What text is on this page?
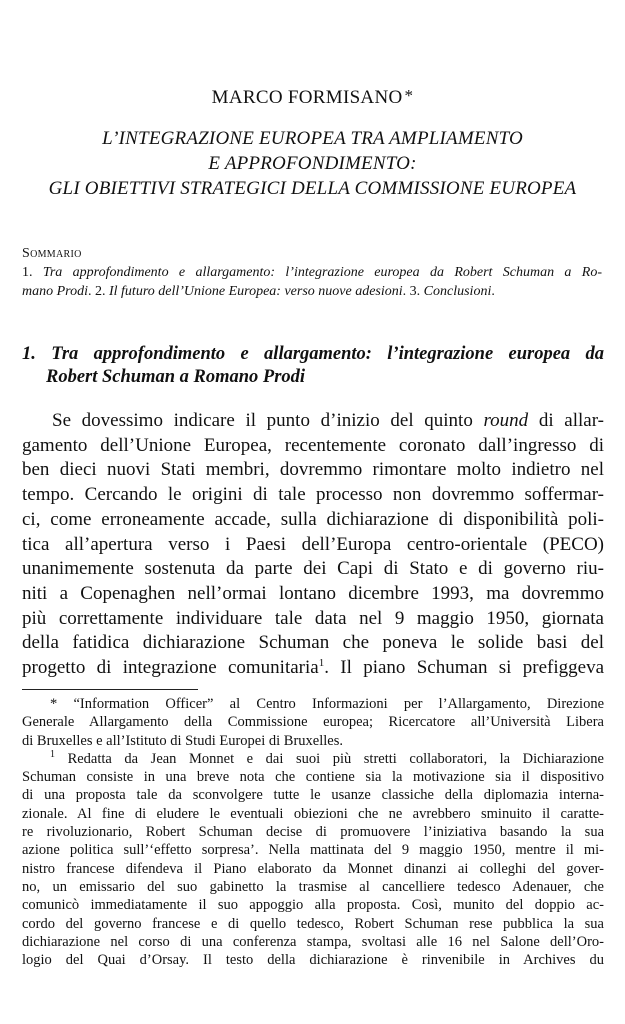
MARCO FORMISANO *
L’INTEGRAZIONE EUROPEA TRA AMPLIAMENTO
E APPROFONDIMENTO:
GLI OBIETTIVI STRATEGICI DELLA COMMISSIONE EUROPEA
Sommario
1. Tra approfondimento e allargamento: l’integrazione europea da Robert Schuman a Ro-
mano Prodi. 2. Il futuro dell’Unione Europea: verso nuove adesioni. 3. Conclusioni.
1. Tra approfondimento e allargamento: l’integrazione europea da
Robert Schuman a Romano Prodi
Se dovessimo indicare il punto d’inizio del quinto round di allar-
gamento dell’Unione Europea, recentemente coronato dall’ingresso di
ben dieci nuovi Stati membri, dovremmo rimontare molto indietro nel
tempo. Cercando le origini di tale processo non dovremmo soffermar-
ci, come erroneamente accade, sulla dichiarazione di disponibilità poli-
tica all’apertura verso i Paesi dell’Europa centro-orientale (PECO)
unanimemente sostenuta da parte dei Capi di Stato e di governo riu-
niti a Copenaghen nell’ormai lontano dicembre 1993, ma dovremmo
più correttamente individuare tale data nel 9 maggio 1950, giornata
della fatidica dichiarazione Schuman che poneva le solide basi del
progetto di integrazione comunitaria$^1$. Il piano Schuman si prefiggeva
* “Information Officer” al Centro Informazioni per l’Allargamento, Direzione
Generale Allargamento della Commissione europea; Ricercatore all’Università Libera
di Bruxelles e all’Istituto di Studi Europei di Bruxelles.
$^1$ Redatta da Jean Monnet e dai suoi più stretti collaboratori, la Dichiarazione
Schuman consiste in una breve nota che contiene sia la motivazione sia il dispositivo
di una proposta tale da sconvolgere tutte le usanze classiche della diplomazia interna-
zionale. Al fine di eludere le eventuali obiezioni che ne avrebbero sminuito il caratte-
re rivoluzionario, Robert Schuman decise di promuovere l’iniziativa basando la sua
azione politica sull’‘effetto sorpresa’. Nella mattinata del 9 maggio 1950, mentre il mi-
nistro francese difendeva il Piano elaborato da Monnet dinanzi ai colleghi del gover-
no, un emissario del suo gabinetto la trasmise al cancelliere tedesco Adenauer, che
comunicò immediatamente il suo appoggio alla proposta. Così, munito del doppio ac-
cordo del governo francese e di quello tedesco, Robert Schuman rese pubblica la sua
dichiarazione nel corso di una conferenza stampa, svoltasi alle 16 nel Salone dell’Oro-
logio del Quai d’Orsay. Il testo della dichiarazione è rinvenibile in Archives du
